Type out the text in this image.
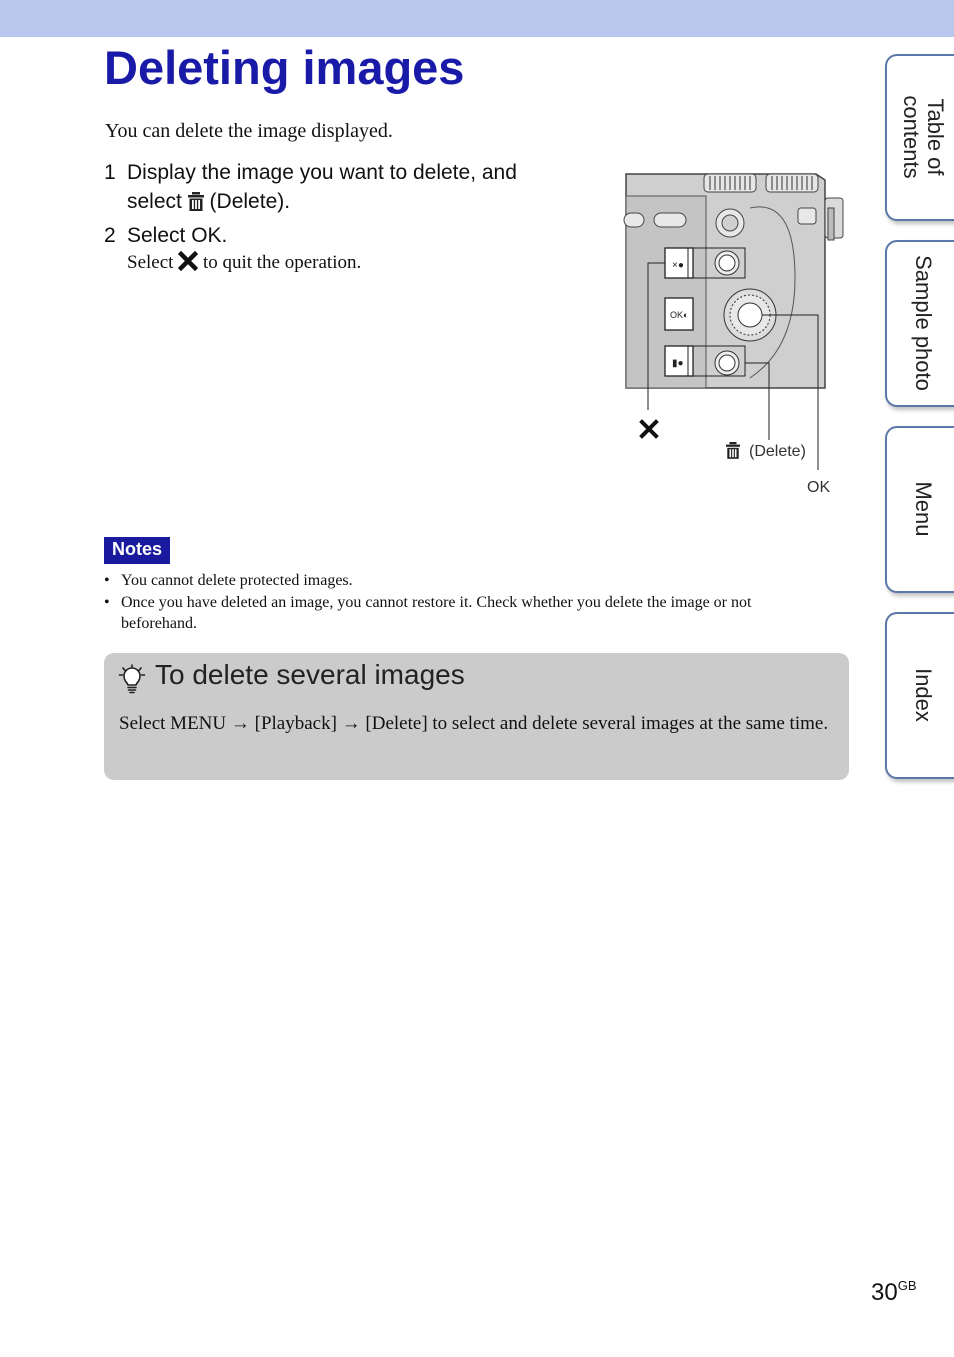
Deleting images
You can delete the image displayed.
1 Display the image you want to delete, and
select (Delete).
2 Select OK.
Select to quit the operation.	×●
OK◐
▮●
(Delete)
OK
Notes
• You cannot delete protected images.
• Once you have deleted an image, you cannot restore it. Check whether you delete the image or not beforehand.
To delete several images
Select MENU → [Playback] → [Delete] to select and delete several images at the same time.
Table of
contents
Sample photo
Menu
Index
$30^{GB}$
